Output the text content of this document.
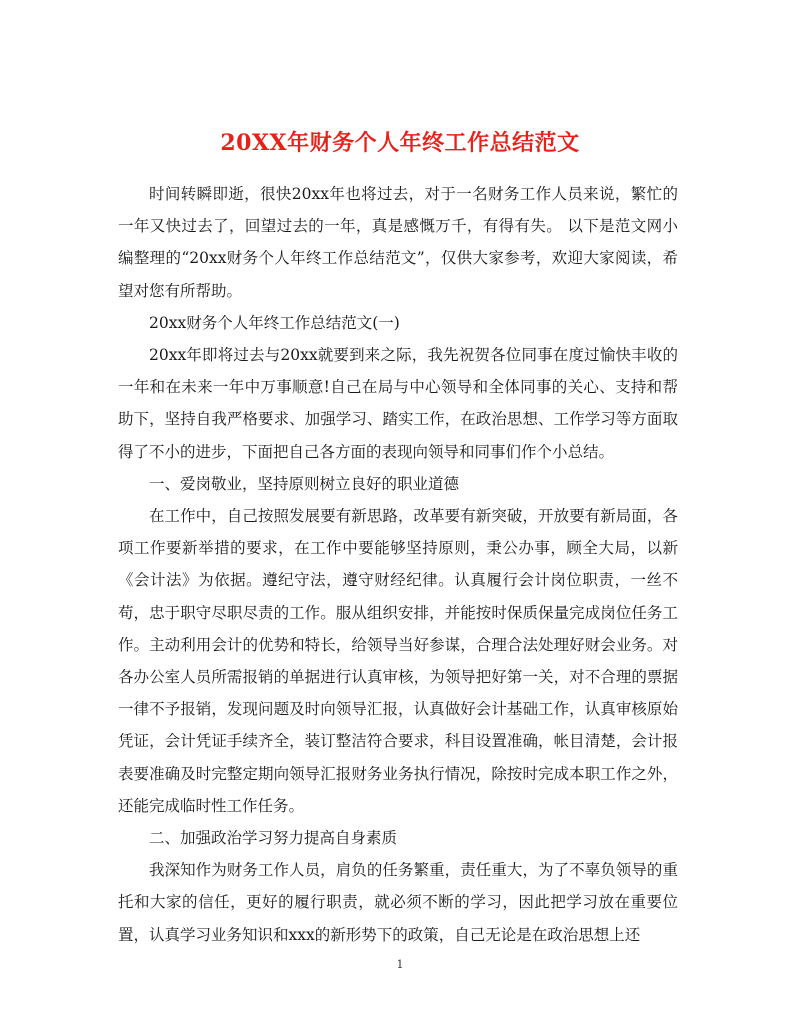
20XX年财务个人年终工作总结范文

时间转瞬即逝，很快20xx年也将过去，对于一名财务工作人员来说，繁忙的一年又快过去了，回望过去的一年，真是感慨万千，有得有失。 以下是范文网小编整理的“20xx财务个人年终工作总结范文”，仅供大家参考，欢迎大家阅读，希望对您有所帮助。

20xx财务个人年终工作总结范文(一)

20xx年即将过去与20xx就要到来之际，我先祝贺各位同事在度过愉快丰收的一年和在未来一年中万事顺意!自己在局与中心领导和全体同事的关心、支持和帮助下，坚持自我严格要求、加强学习、踏实工作，在政治思想、工作学习等方面取得了不小的进步，下面把自己各方面的表现向领导和同事们作个小总结。

一、爱岗敬业，坚持原则树立良好的职业道德

在工作中，自己按照发展要有新思路，改革要有新突破，开放要有新局面，各项工作要新举措的要求，在工作中要能够坚持原则，秉公办事，顾全大局，以新《会计法》为依据。遵纪守法，遵守财经纪律。认真履行会计岗位职责，一丝不苟，忠于职守尽职尽责的工作。服从组织安排，并能按时保质保量完成岗位任务工作。主动利用会计的优势和特长，给领导当好参谋，合理合法处理好财会业务。对各办公室人员所需报销的单据进行认真审核，为领导把好第一关，对不合理的票据一律不予报销，发现问题及时向领导汇报，认真做好会计基础工作，认真审核原始凭证，会计凭证手续齐全，装订整洁符合要求，科目设置准确，帐目清楚，会计报表要准确及时完整定期向领导汇报财务业务执行情况，除按时完成本职工作之外，还能完成临时性工作任务。

二、加强政治学习努力提高自身素质

我深知作为财务工作人员，肩负的任务繁重，责任重大，为了不辜负领导的重托和大家的信任，更好的履行职责，就必须不断的学习，因此把学习放在重要位置，认真学习业务知识和xxx的新形势下的政策，自己无论是在政治思想上还

1
